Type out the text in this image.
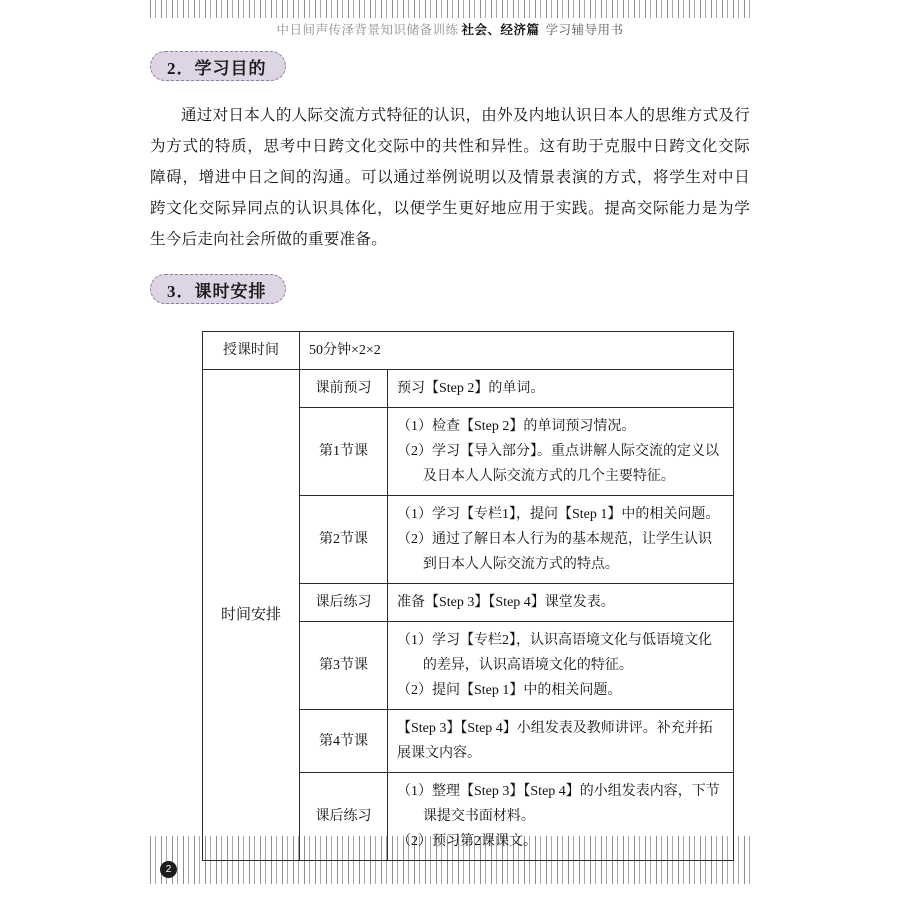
中日间声传泽背景知识储备训练 社会、经济篇 学习辅导用书
2．学习目的
通过对日本人的人际交流方式特征的认识，由外及内地认识日本人的思维方式及行为方式的特质，思考中日跨文化交际中的共性和异性。这有助于克服中日跨文化交际障碍，增进中日之间的沟通。可以通过举例说明以及情景表演的方式，将学生对中日跨文化交际异同点的认识具体化，以便学生更好地应用于实践。提高交际能力是为学生今后走向社会所做的重要准备。
3．课时安排
授课时间	50分钟×2×2	
时间安排	课前预习	预习【Step 2】的单词。

	第1节课	（1）检查【Step 2】的单词预习情况。
（2）学习【导入部分】。重点讲解人际交流的定义以及日本人人际交流方式的几个主要特征。

	第2节课	（1）学习【专栏1】，提问【Step 1】中的相关问题。
（2）通过了解日本人行为的基本规范，让学生认识到日本人人际交流方式的特点。

	课后练习	准备【Step 3】【Step 4】课堂发表。

	第3节课	（1）学习【专栏2】，认识高语境文化与低语境文化的差异，认识高语境文化的特征。
（2）提问【Step 1】中的相关问题。

	第4节课	【Step 3】【Step 4】小组发表及教师讲评。补充并拓展课文内容。

	课后练习	（1）整理【Step 3】【Step 4】的小组发表内容，下节课提交书面材料。
（2）预习第2课课文。
2
